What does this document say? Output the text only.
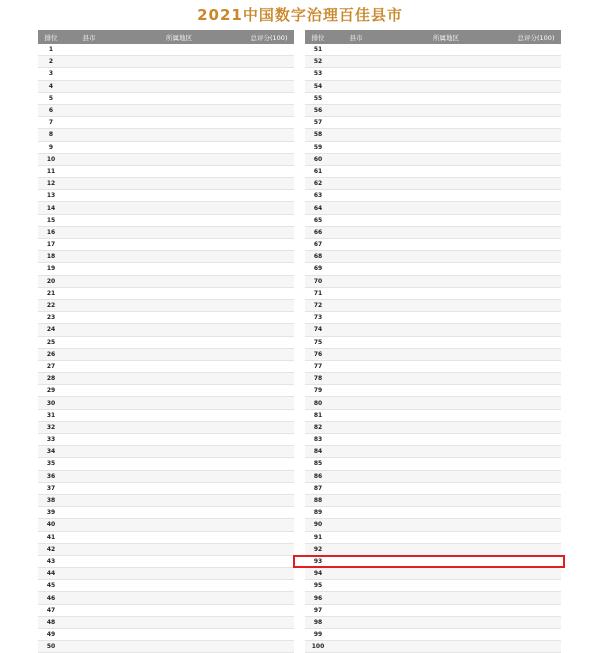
2021中国数字治理百佳县市
排位	县市	所属地区		总评分(100)
1				
2				
3				
4				
5				
6				
7				
8				
9				
10				
11				
12				
13				
14				
15				
16				
17				
18				
19				
20				
21				
22				
23				
24				
25				
26				
27				
28				
29				
30				
31				
32				
33				
34				
35				
36				
37				
38				
39				
40				
41				
42				
43				
44				
45				
46				
47				
48				
49				
50				
排位	县市	所属地区		总评分(100)
51				
52				
53				
54				
55				
56				
57				
58				
59				
60				
61				
62				
63				
64				
65				
66				
67				
68				
69				
70				
71				
72				
73				
74				
75				
76				
77				
78				
79				
80				
81				
82				
83				
84				
85				
86				
87				
88				
89				
90				
91				
92				
93				
94				
95				
96				
97				
98				
99				
100				
